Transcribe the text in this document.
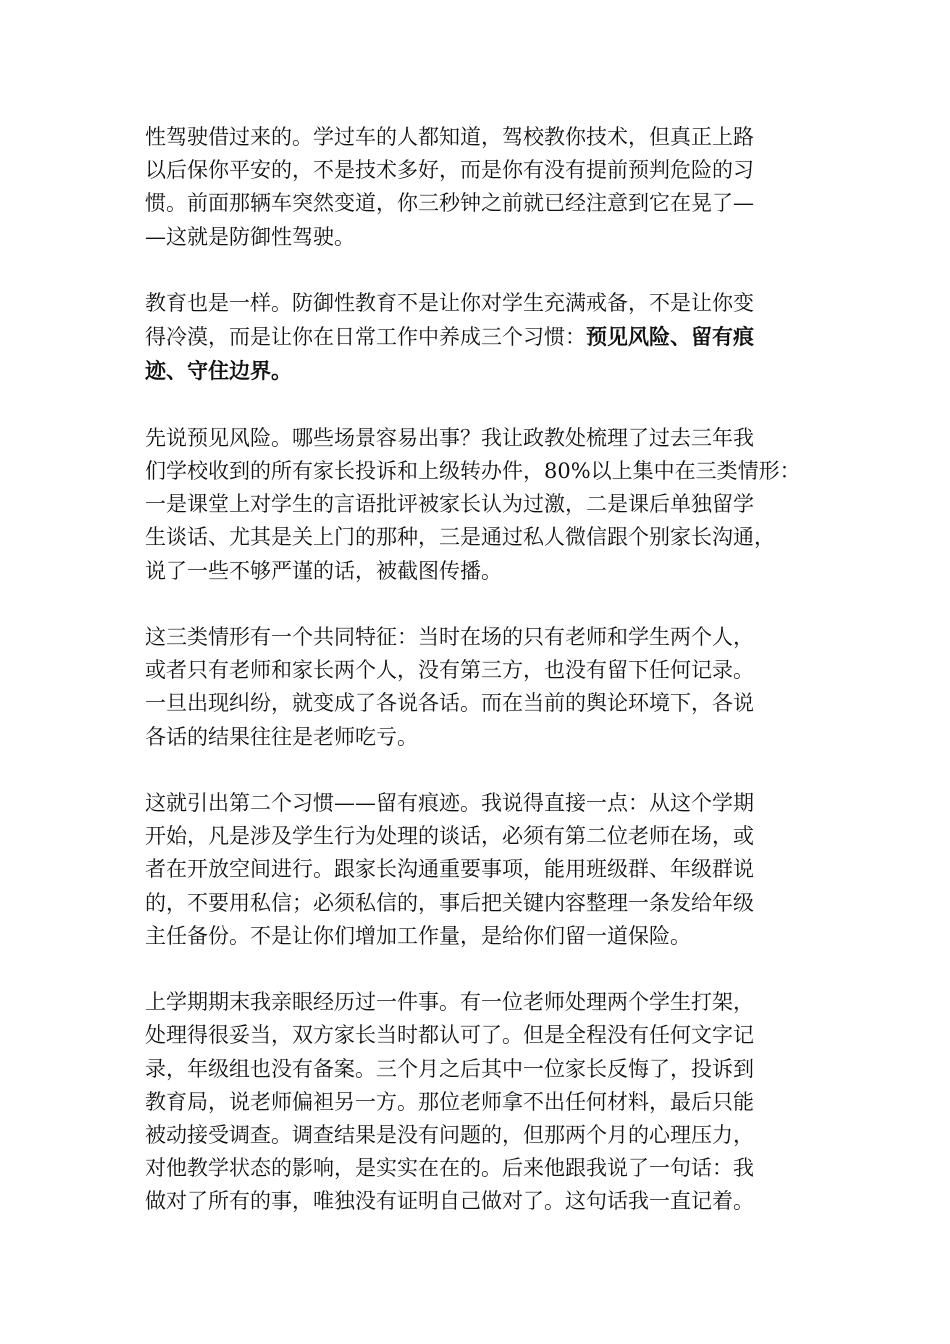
性驾驶借过来的。学过车的人都知道，驾校教你技术，但真正上路
以后保你平安的，不是技术多好，而是你有没有提前预判危险的习
惯。前面那辆车突然变道，你三秒钟之前就已经注意到它在晃了—
—这就是防御性驾驶。

教育也是一样。防御性教育不是让你对学生充满戒备，不是让你变
得冷漠，而是让你在日常工作中养成三个习惯：预见风险、留有痕
迹、守住边界。

先说预见风险。哪些场景容易出事？我让政教处梳理了过去三年我
们学校收到的所有家长投诉和上级转办件，80%以上集中在三类情形：
一是课堂上对学生的言语批评被家长认为过激，二是课后单独留学
生谈话、尤其是关上门的那种，三是通过私人微信跟个别家长沟通，
说了一些不够严谨的话，被截图传播。

这三类情形有一个共同特征：当时在场的只有老师和学生两个人，
或者只有老师和家长两个人，没有第三方，也没有留下任何记录。
一旦出现纠纷，就变成了各说各话。而在当前的舆论环境下，各说
各话的结果往往是老师吃亏。

这就引出第二个习惯——留有痕迹。我说得直接一点：从这个学期
开始，凡是涉及学生行为处理的谈话，必须有第二位老师在场，或
者在开放空间进行。跟家长沟通重要事项，能用班级群、年级群说
的，不要用私信；必须私信的，事后把关键内容整理一条发给年级
主任备份。不是让你们增加工作量，是给你们留一道保险。

上学期期末我亲眼经历过一件事。有一位老师处理两个学生打架，
处理得很妥当，双方家长当时都认可了。但是全程没有任何文字记
录，年级组也没有备案。三个月之后其中一位家长反悔了，投诉到
教育局，说老师偏袒另一方。那位老师拿不出任何材料，最后只能
被动接受调查。调查结果是没有问题的，但那两个月的心理压力，
对他教学状态的影响，是实实在在的。后来他跟我说了一句话：我
做对了所有的事，唯独没有证明自己做对了。这句话我一直记着。
